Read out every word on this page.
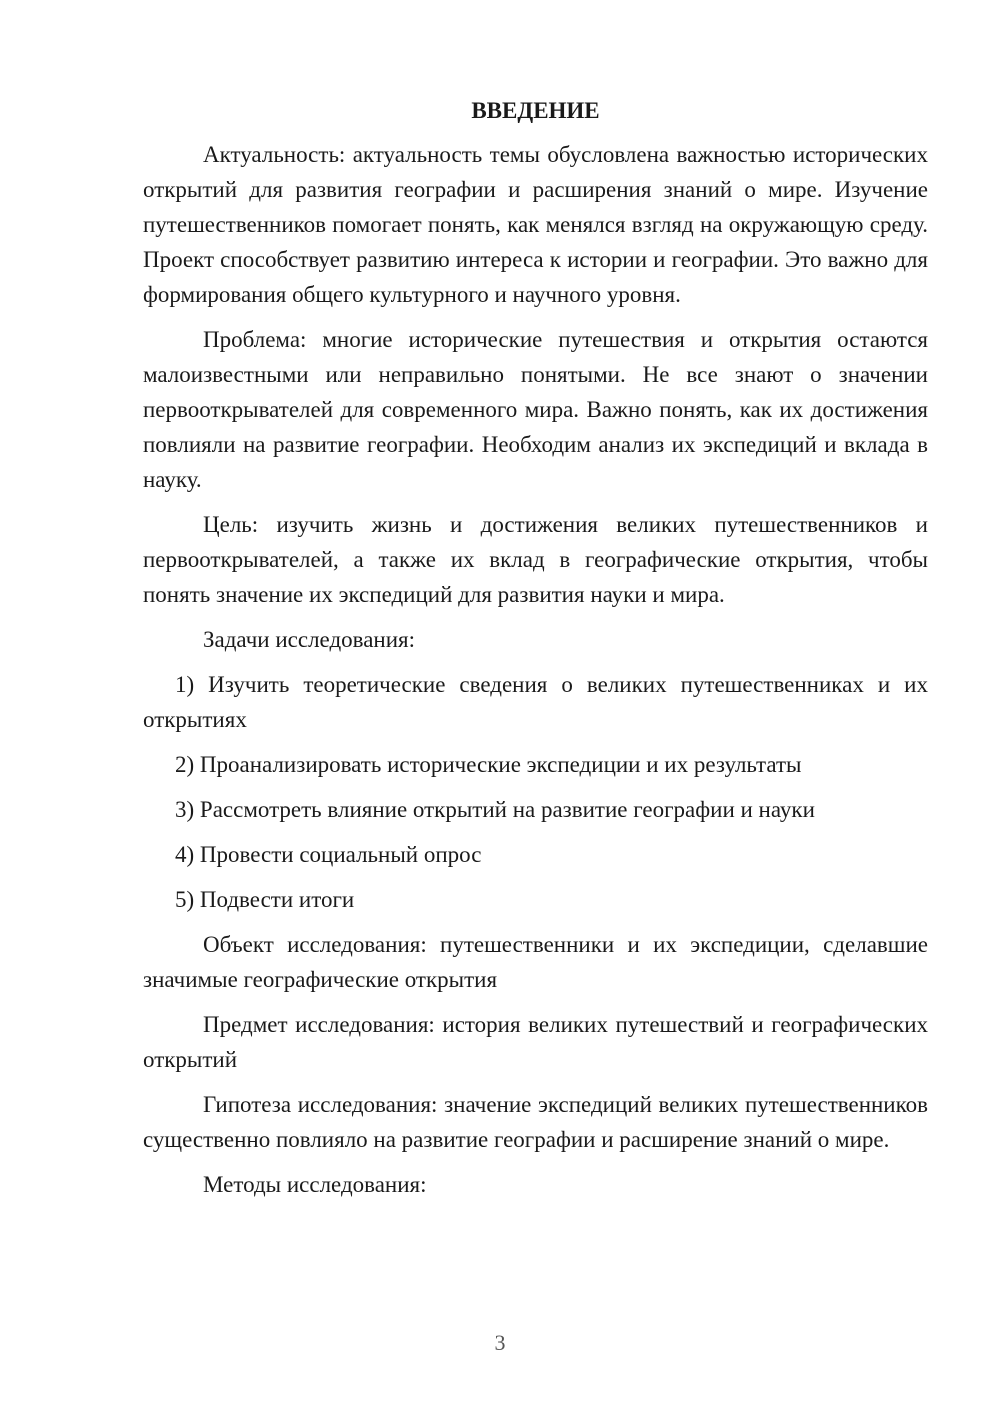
ВВЕДЕНИЕ

Актуальность: актуальность темы обусловлена важностью исторических открытий для развития географии и расширения знаний о мире. Изучение путешественников помогает понять, как менялся взгляд на окружающую среду. Проект способствует развитию интереса к истории и географии. Это важно для формирования общего культурного и научного уровня.

Проблема: многие исторические путешествия и открытия остаются малоизвестными или неправильно понятыми. Не все знают о значении первооткрывателей для современного мира. Важно понять, как их достижения повлияли на развитие географии. Необходим анализ их экспедиций и вклада в науку.

Цель: изучить жизнь и достижения великих путешественников и первооткрывателей, а также их вклад в географические открытия, чтобы понять значение их экспедиций для развития науки и мира.

Задачи исследования:

1) Изучить теоретические сведения о великих путешественниках и их открытиях

2) Проанализировать исторические экспедиции и их результаты

3) Рассмотреть влияние открытий на развитие географии и науки

4) Провести социальный опрос

5) Подвести итоги

Объект исследования: путешественники и их экспедиции, сделавшие значимые географические открытия

Предмет исследования: история великих путешествий и географических открытий

Гипотеза исследования: значение экспедиций великих путешественников существенно повлияло на развитие географии и расширение знаний о мире.

Методы исследования:

3
